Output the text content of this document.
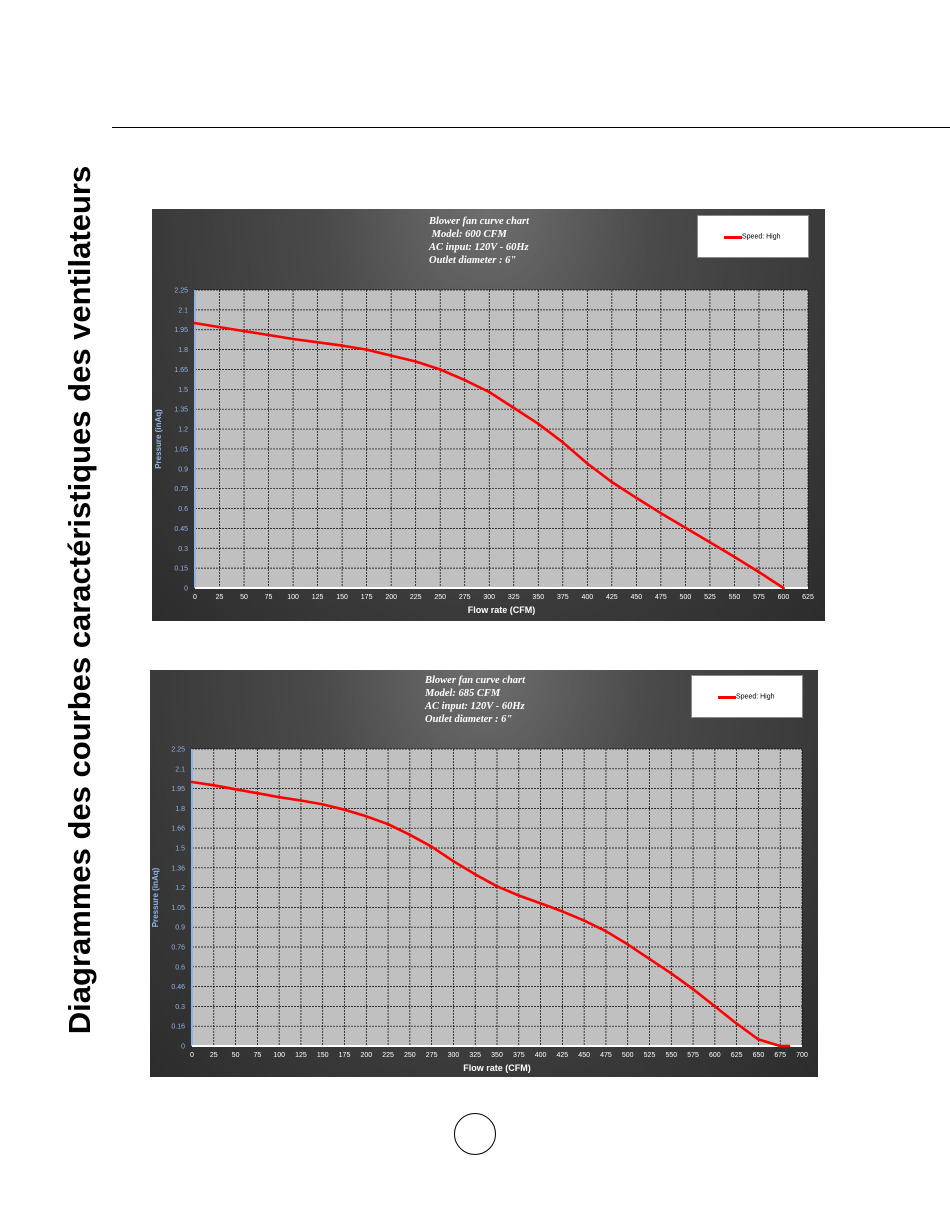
Diagrammes des courbes caractéristiques des ventilateurs	Blower fan curve chart
Model: 600 CFM
AC input: 120V - 60Hz
Outlet diameter : 6"
Speed: High
0	25 50 75 100 125 150 175 200 225 250 275 300 325 350 375 400 425 450 475 500 525 550 575 600 625
0
0.15
0.3
0.45
0.6
0.75
0.9
1.05
1.2
1.35
1.5
1.65
1.8
1.95
2.1
2.25
Flow rate (CFM)
Pressure (inAq)
Blower fan curve chart
Model: 685 CFM
AC input: 120V - 60Hz
Outlet diameter : 6"
Speed: High
0 25 50 75 100 125 150 175 200 225 250 275 300 325 350 375 400 425 450 475 500 525 550 575 600 625 650 675 700
0
0.16
0.3
0.46
0.6
0.76
0.9
1.05
1.2
1.36
1.5
1.66
1.8
1.95
2.1
2.25
Flow rate (CFM)
Pressure (inAq)
